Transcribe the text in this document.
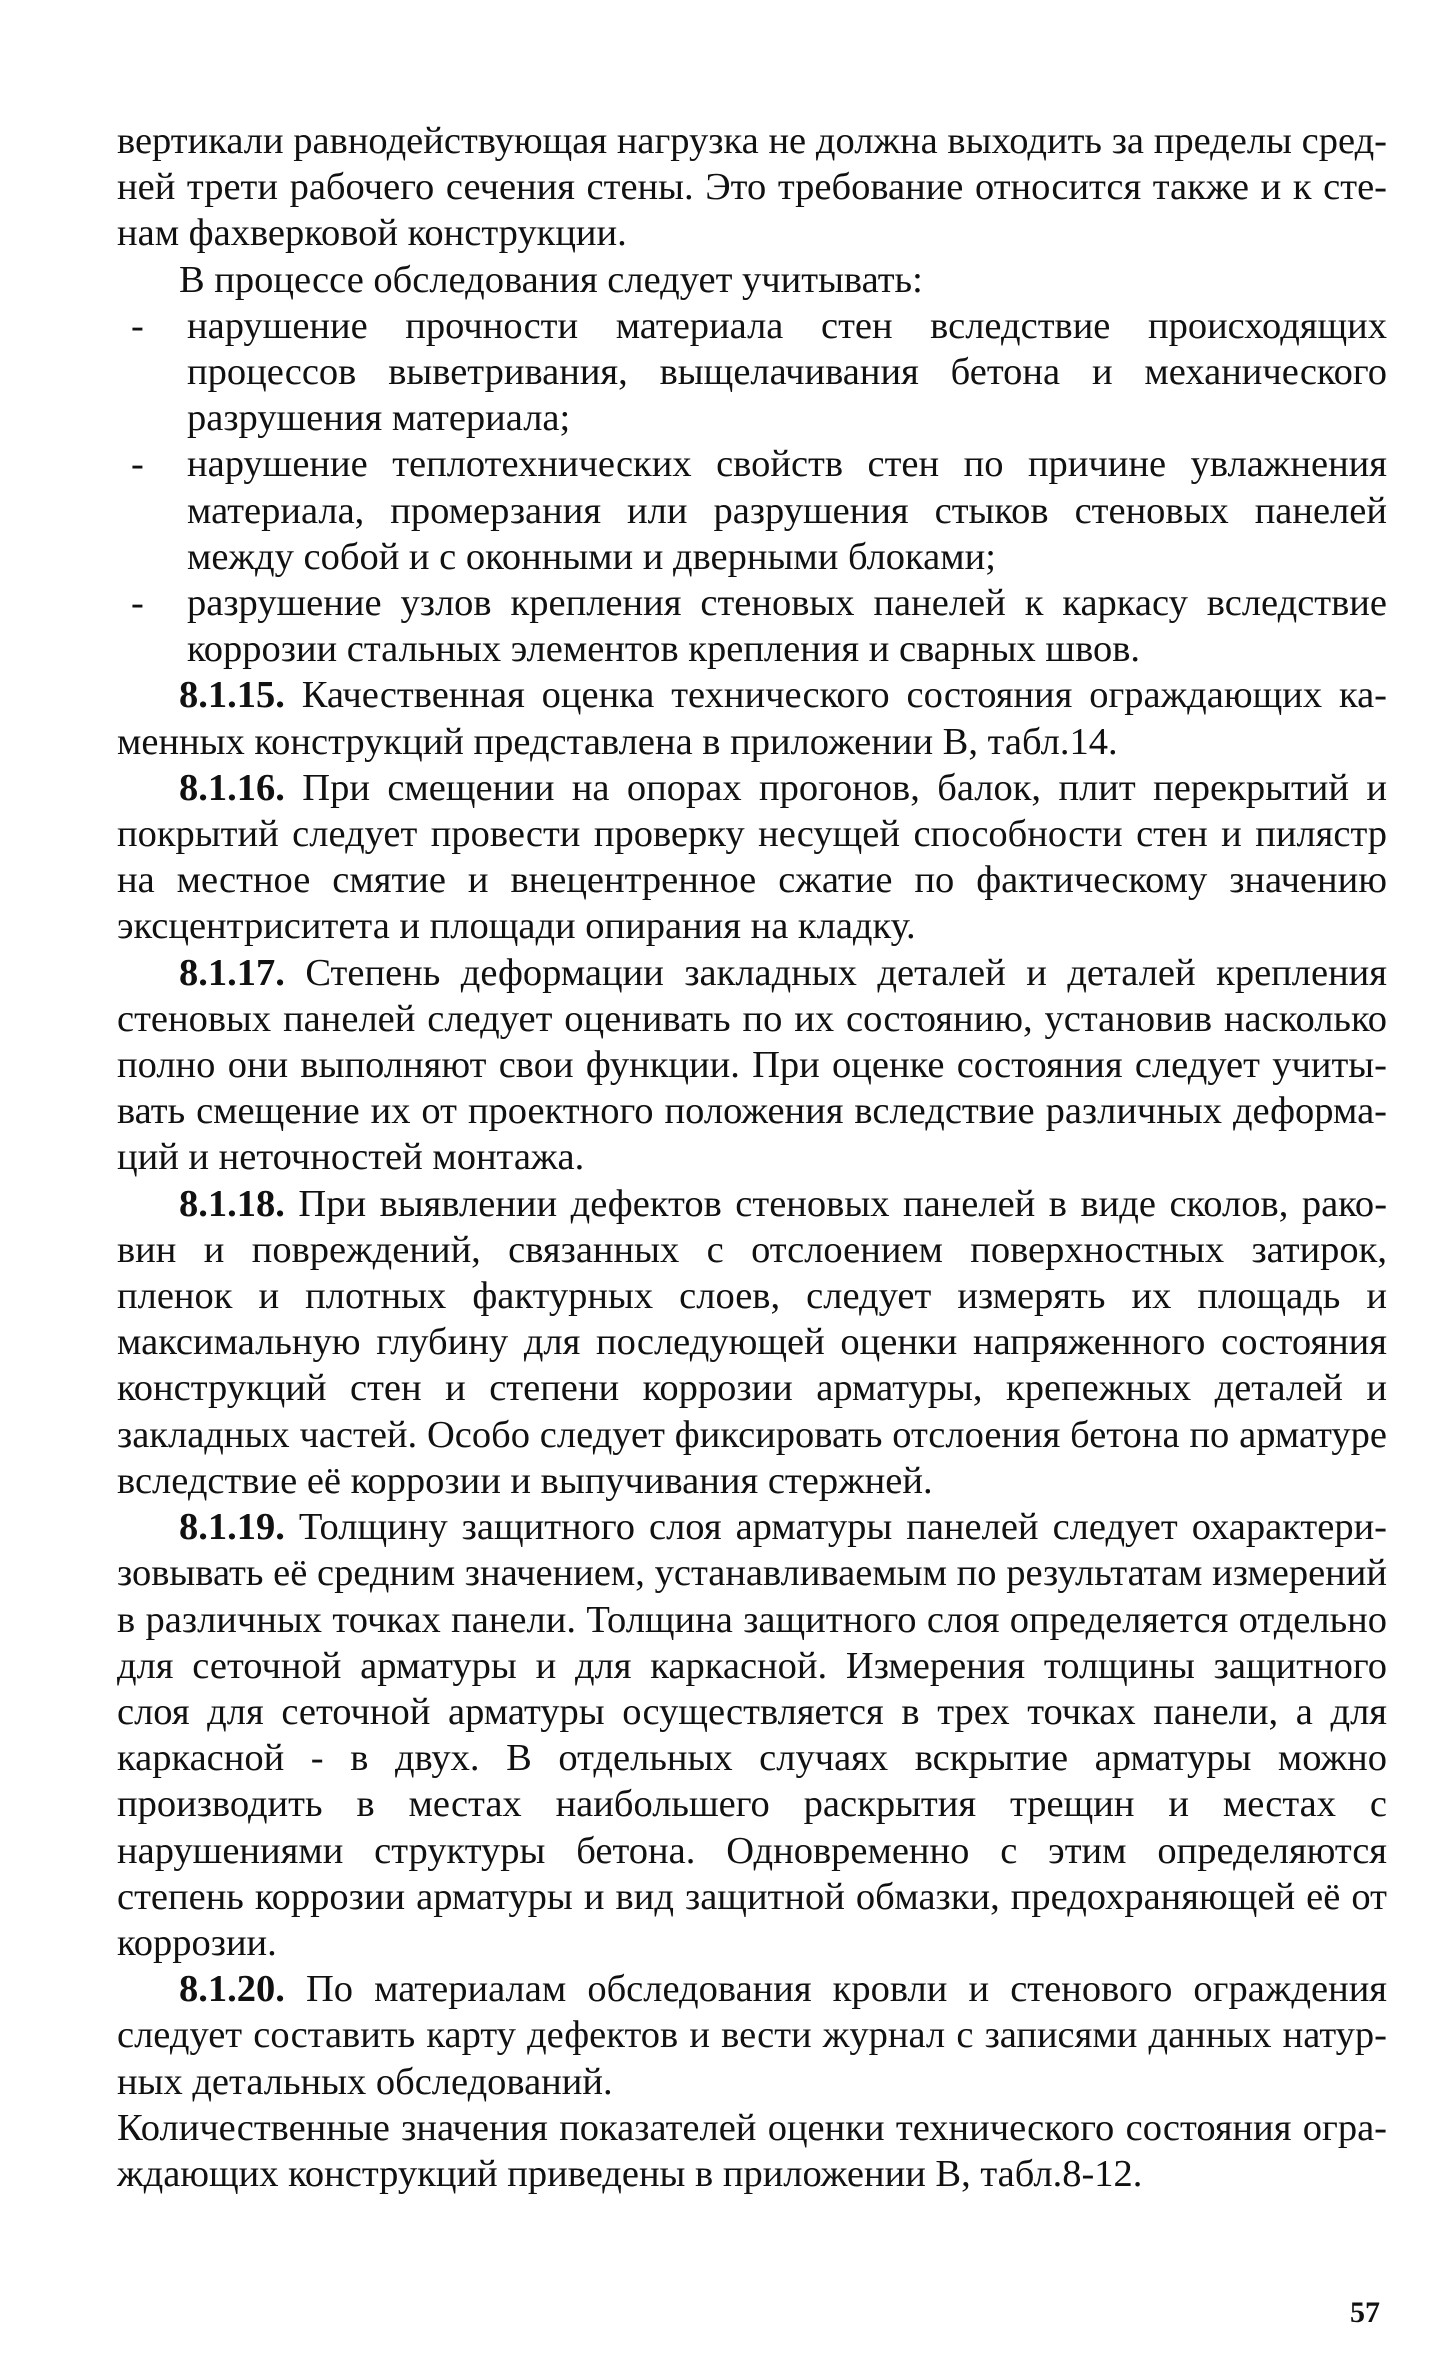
вертикали равнодействующая нагрузка не должна выходить за пределы средней трети рабочего сечения стены. Это требование относится также и к стенам фахверковой конструкции.

В процессе обследования следует учитывать:

- нарушение прочности материала стен вследствие происходящих процессов выветривания, выщелачивания бетона и механического разрушения материала;
- нарушение теплотехнических свойств стен по причине увлажнения материала, промерзания или разрушения стыков стеновых панелей между собой и с оконными и дверными блоками;
- разрушение узлов крепления стеновых панелей к каркасу вследствие коррозии стальных элементов крепления и сварных швов.

8.1.15. Качественная оценка технического состояния ограждающих каменных конструкций представлена в приложении В, табл.14.

8.1.16. При смещении на опорах прогонов, балок, плит перекрытий и покрытий следует провести проверку несущей способности стен и пилястр на местное смятие и внецентренное сжатие по фактическому значению эксцентриситета и площади опирания на кладку.

8.1.17. Степень деформации закладных деталей и деталей крепления стеновых панелей следует оценивать по их состоянию, установив насколько полно они выполняют свои функции. При оценке состояния следует учитывать смещение их от проектного положения вследствие различных деформаций и неточностей монтажа.

8.1.18. При выявлении дефектов стеновых панелей в виде сколов, раковин и повреждений, связанных с отслоением поверхностных затирок, пленок и плотных фактурных слоев, следует измерять их площадь и максимальную глубину для последующей оценки напряженного состояния конструкций стен и степени коррозии арматуры, крепежных деталей и закладных частей. Особо следует фиксировать отслоения бетона по арматуре вследствие её коррозии и выпучивания стержней.

8.1.19. Толщину защитного слоя арматуры панелей следует охарактеризовывать её средним значением, устанавливаемым по результатам измерений в различных точках панели. Толщина защитного слоя определяется отдельно для сеточной арматуры и для каркасной. Измерения толщины защитного слоя для сеточной арматуры осуществляется в трех точках панели, а для каркасной - в двух. В отдельных случаях вскрытие арматуры можно производить в местах наибольшего раскрытия трещин и местах с нарушениями структуры бетона. Одновременно с этим определяются степень коррозии арматуры и вид защитной обмазки, предохраняющей её от коррозии.

8.1.20. По материалам обследования кровли и стенового ограждения следует составить карту дефектов и вести журнал с записями данных натурных детальных обследований.

Количественные значения показателей оценки технического состояния ограждающих конструкций приведены в приложении В, табл.8-12.

57
